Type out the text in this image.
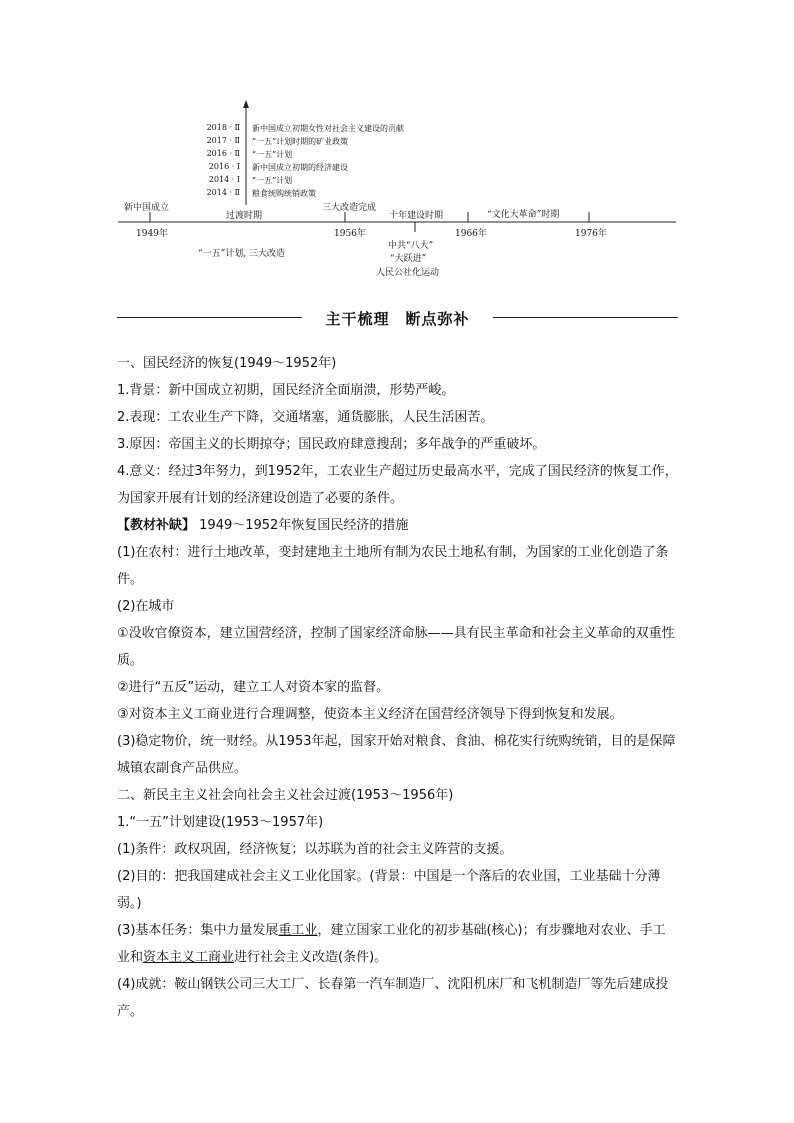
2018 · Ⅱ 新中国成立初期女性对社会主义建设的贡献
2017 · Ⅱ “一五”计划时期的矿业政策
2016 · Ⅱ “一五”计划
2016 · Ⅰ 新中国成立初期的经济建设
2014 · Ⅰ “一五”计划
2014 · Ⅱ 粮食统购统销政策
新中国成立
过渡时期
三大改造完成
十年建设时期	“文化大革命”时期
1949年	1956年	1966年	1976年
“一五”计划, 三大改造
中共“八大”
“大跃进”
人民公社化运动
主干梳理　断点弥补

一、国民经济的恢复(1949～1952年)

1.背景：新中国成立初期，国民经济全面崩溃，形势严峻。

2.表现：工农业生产下降，交通堵塞，通货膨胀，人民生活困苦。

3.原因：帝国主义的长期掠夺；国民政府肆意搜刮；多年战争的严重破坏。

4.意义：经过3年努力，到1952年，工农业生产超过历史最高水平，完成了国民经济的恢复工作，为国家开展有计划的经济建设创造了必要的条件。

【教材补缺】 1949～1952年恢复国民经济的措施

(1)在农村：进行土地改革，变封建地主土地所有制为农民土地私有制，为国家的工业化创造了条件。

(2)在城市

①没收官僚资本，建立国营经济，控制了国家经济命脉——具有民主革命和社会主义革命的双重性质。

②进行“五反”运动，建立工人对资本家的监督。

③对资本主义工商业进行合理调整，使资本主义经济在国营经济领导下得到恢复和发展。

(3)稳定物价，统一财经。从1953年起，国家开始对粮食、食油、棉花实行统购统销，目的是保障城镇农副食产品供应。

二、新民主主义社会向社会主义社会过渡(1953～1956年)

1.“一五”计划建设(1953～1957年)

(1)条件：政权巩固，经济恢复；以苏联为首的社会主义阵营的支援。

(2)目的：把我国建成社会主义工业化国家。(背景：中国是一个落后的农业国，工业基础十分薄弱。)

(3)基本任务：集中力量发展重工业，建立国家工业化的初步基础(核心)；有步骤地对农业、手工业和资本主义工商业进行社会主义改造(条件)。

(4)成就：鞍山钢铁公司三大工厂、长春第一汽车制造厂、沈阳机床厂和飞机制造厂等先后建成投产。
